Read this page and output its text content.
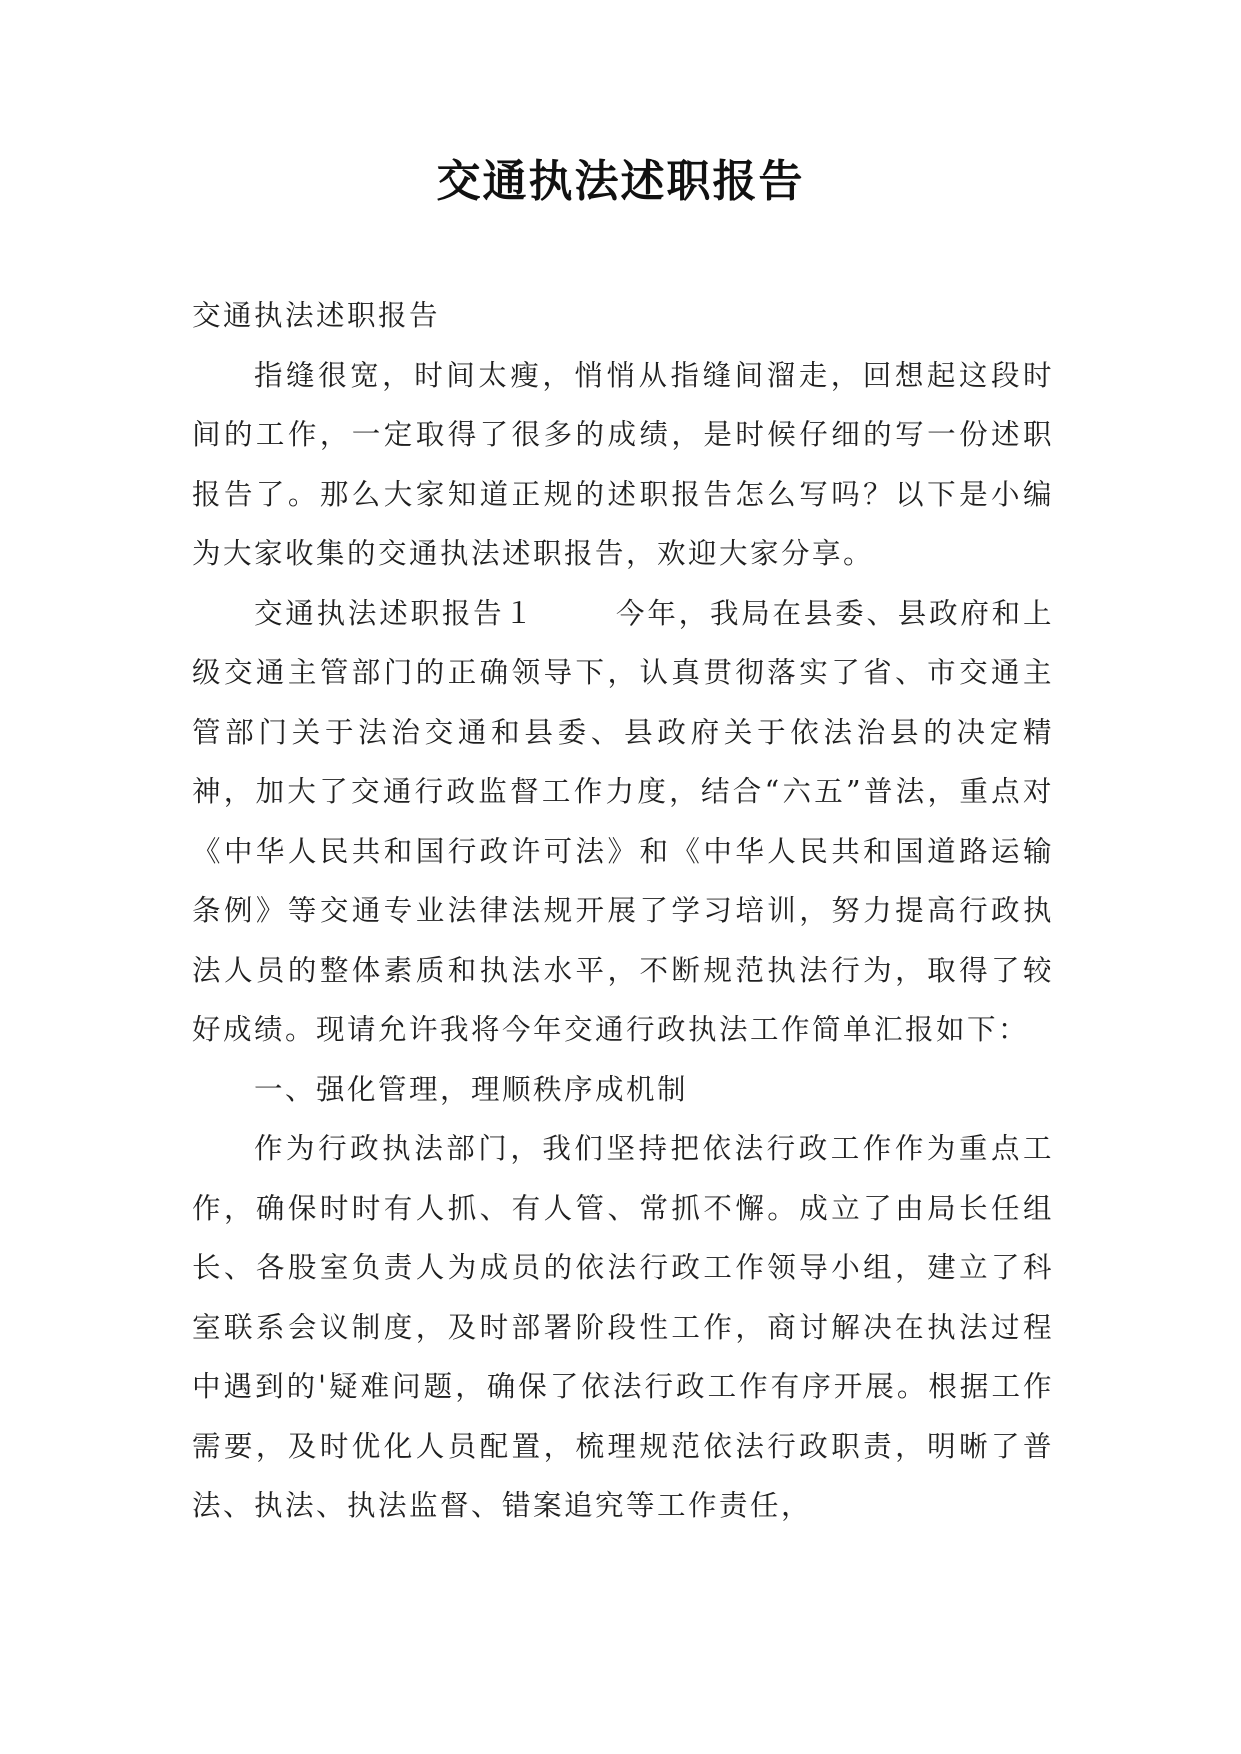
交通执法述职报告

交通执法述职报告

指缝很宽，时间太瘦，悄悄从指缝间溜走，回想起这段时间的工作，一定取得了很多的成绩，是时候仔细的写一份述职报告了。那么大家知道正规的述职报告怎么写吗？以下是小编为大家收集的交通执法述职报告，欢迎大家分享。

交通执法述职报告１	今年，我局在县委、县政府和上级交通主管部门的正确领导下，认真贯彻落实了省、市交通主管部门关于法治交通和县委、县政府关于依法治县的决定精神，加大了交通行政监督工作力度，结合“六五”普法，重点对《中华人民共和国行政许可法》和《中华人民共和国道路运输条例》等交通专业法律法规开展了学习培训，努力提高行政执法人员的整体素质和执法水平，不断规范执法行为，取得了较好成绩。现请允许我将今年交通行政执法工作简单汇报如下：

一、强化管理，理顺秩序成机制

作为行政执法部门，我们坚持把依法行政工作作为重点工作，确保时时有人抓、有人管、常抓不懈。成立了由局长任组长、各股室负责人为成员的依法行政工作领导小组，建立了科室联系会议制度，及时部署阶段性工作，商讨解决在执法过程中遇到的'疑难问题，确保了依法行政工作有序开展。根据工作需要，及时优化人员配置，梳理规范依法行政职责，明晰了普法、执法、执法监督、错案追究等工作责任，
